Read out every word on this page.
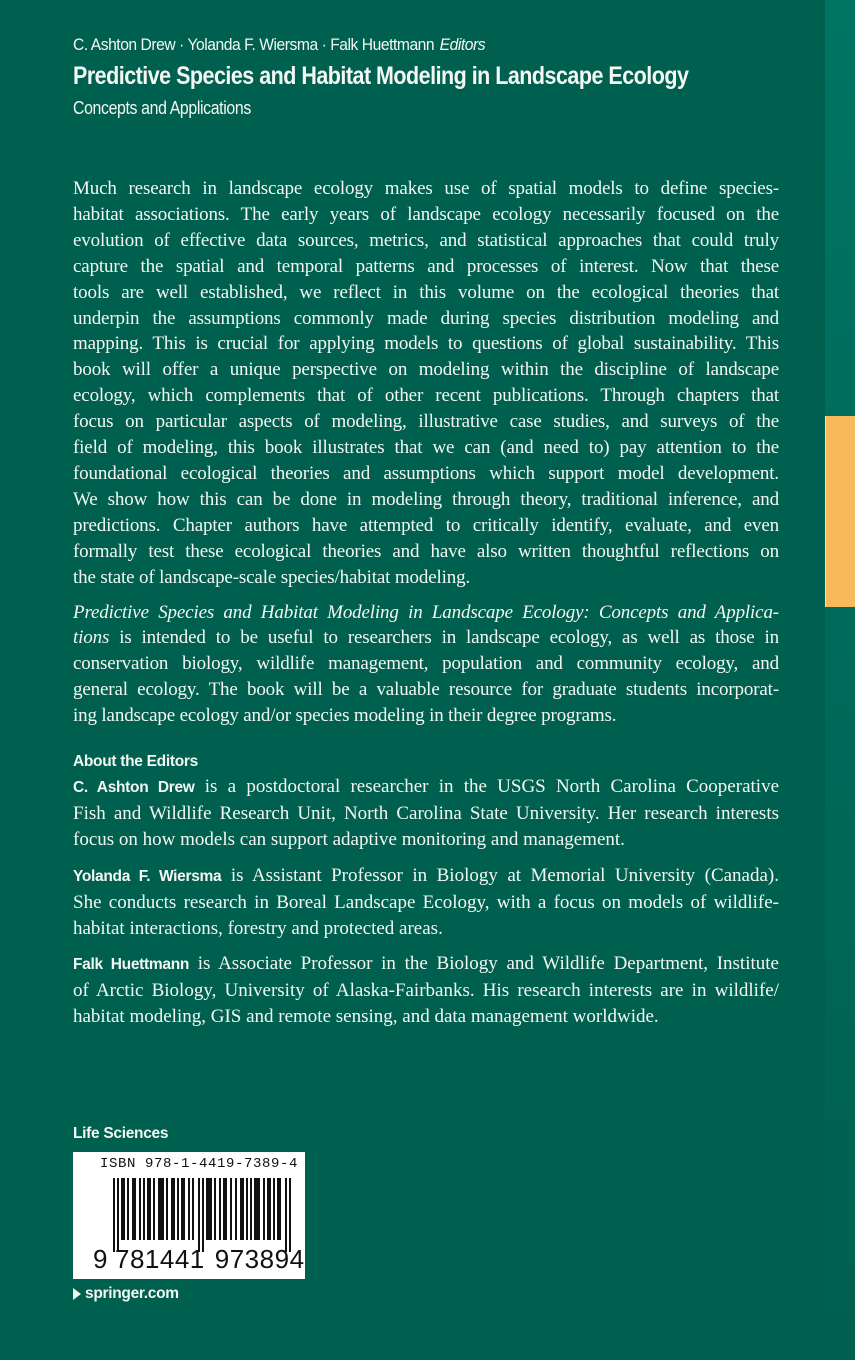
C. Ashton Drew · Yolanda F. Wiersma · Falk Huettmann Editors
Predictive Species and Habitat Modeling in Landscape Ecology
Concepts and Applications

Much research in landscape ecology makes use of spatial models to define species-
habitat associations. The early years of landscape ecology necessarily focused on the
evolution of effective data sources, metrics, and statistical approaches that could truly
capture the spatial and temporal patterns and processes of interest. Now that these
tools are well established, we reflect in this volume on the ecological theories that
underpin the assumptions commonly made during species distribution modeling and
mapping. This is crucial for applying models to questions of global sustainability. This
book will offer a unique perspective on modeling within the discipline of landscape
ecology, which complements that of other recent publications. Through chapters that
focus on particular aspects of modeling, illustrative case studies, and surveys of the
field of modeling, this book illustrates that we can (and need to) pay attention to the
foundational ecological theories and assumptions which support model development.
We show how this can be done in modeling through theory, traditional inference, and
predictions. Chapter authors have attempted to critically identify, evaluate, and even
formally test these ecological theories and have also written thoughtful reflections on
the state of landscape-scale species/habitat modeling.

Predictive Species and Habitat Modeling in Landscape Ecology: Concepts and Applica-
tions is intended to be useful to researchers in landscape ecology, as well as those in
conservation biology, wildlife management, population and community ecology, and
general ecology. The book will be a valuable resource for graduate students incorporat-
ing landscape ecology and/or species modeling in their degree programs.

About the Editors

C. Ashton Drew is a postdoctoral researcher in the USGS North Carolina Cooperative
Fish and Wildlife Research Unit, North Carolina State University. Her research interests
focus on how models can support adaptive monitoring and management.

Yolanda F. Wiersma is Assistant Professor in Biology at Memorial University (Canada).
She conducts research in Boreal Landscape Ecology, with a focus on models of wildlife-
habitat interactions, forestry and protected areas.

Falk Huettmann is Associate Professor in the Biology and Wildlife Department, Institute
of Arctic Biology, University of Alaska-Fairbanks. His research interests are in wildlife/
habitat modeling, GIS and remote sensing, and data management worldwide.

Life Sciences
ISBN 978-1-4419-7389-4
9 781441 973894
springer.com
